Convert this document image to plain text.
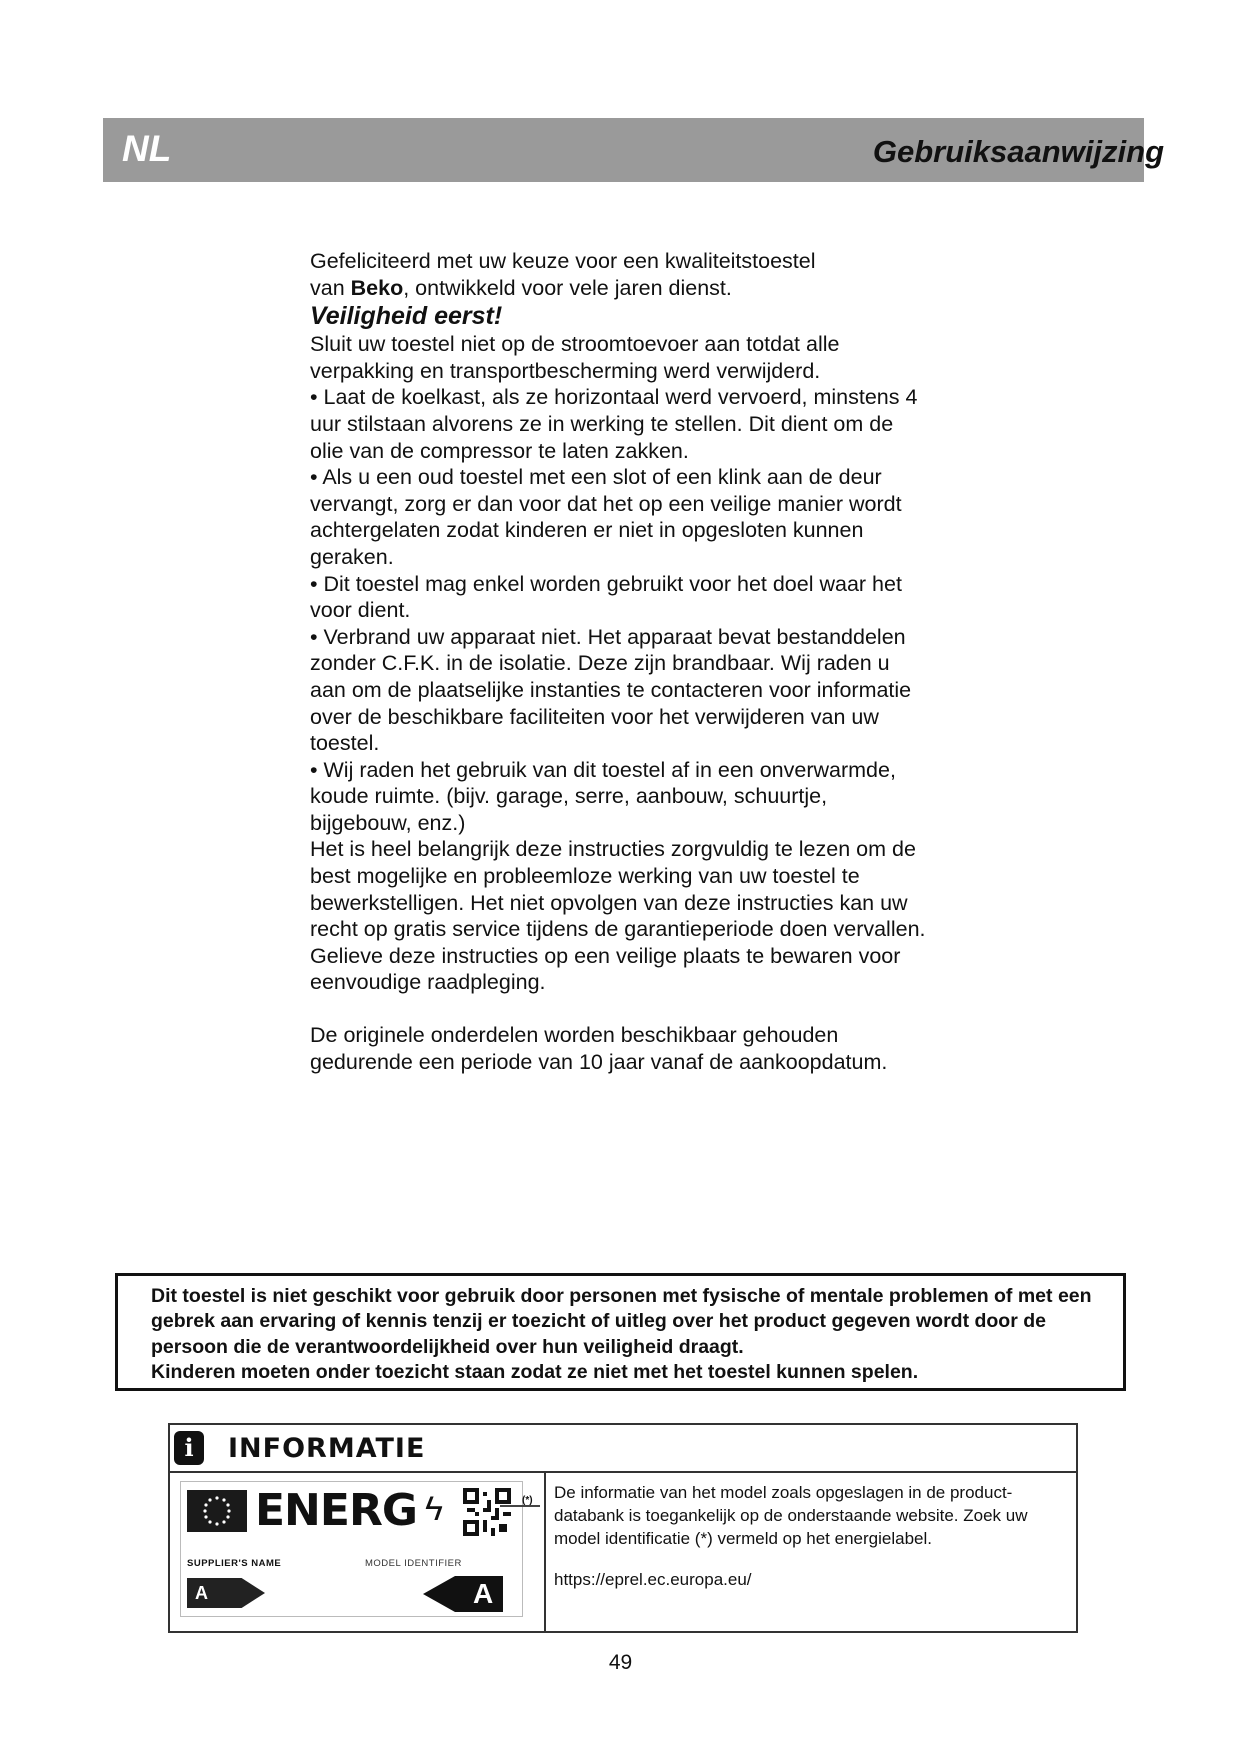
NL	Gebruiksaanwijzing

Gefeliciteerd met uw keuze voor een kwaliteitstoestel
van Beko, ontwikkeld voor vele jaren dienst.

Veiligheid eerst!

Sluit uw toestel niet op de stroomtoevoer aan totdat alle verpakking en transportbescherming werd verwijderd.

• Laat de koelkast, als ze horizontaal werd vervoerd, minstens 4 uur stilstaan alvorens ze in werking te stellen. Dit dient om de olie van de compressor te laten zakken.

• Als u een oud toestel met een slot of een klink aan de deur vervangt, zorg er dan voor dat het op een veilige manier wordt achtergelaten zodat kinderen er niet in opgesloten kunnen geraken.

• Dit toestel mag enkel worden gebruikt voor het doel waar het voor dient.

• Verbrand uw apparaat niet. Het apparaat bevat bestanddelen zonder C.F.K. in de isolatie. Deze zijn brandbaar. Wij raden u aan om de plaatselijke instanties te contacteren voor informatie over de beschikbare faciliteiten voor het verwijderen van uw toestel.

• Wij raden het gebruik van dit toestel af in een onverwarmde, koude ruimte. (bijv. garage, serre, aanbouw, schuurtje, bijgebouw, enz.)

Het is heel belangrijk deze instructies zorgvuldig te lezen om de best mogelijke en probleemloze werking van uw toestel te bewerkstelligen. Het niet opvolgen van deze instructies kan uw recht op gratis service tijdens de garantieperiode doen vervallen.

Gelieve deze instructies op een veilige plaats te bewaren voor eenvoudige raadpleging.

De originele onderdelen worden beschikbaar gehouden gedurende een periode van 10 jaar vanaf de aankoopdatum.

Dit toestel is niet geschikt voor gebruik door personen met fysische of mentale problemen of met een gebrek aan ervaring of kennis tenzij er toezicht of uitleg over het product gegeven wordt door de persoon die de verantwoordelijkheid over hun veiligheid draagt.

Kinderen moeten onder toezicht staan zodat ze niet met het toestel kunnen spelen.

i	INFORMATIE
ENERG ϟ
SUPPLIER'S NAME	MODEL IDENTIFIER
A	A
(*) De informatie van het model zoals opgeslagen in de product-databank is toegankelijk op de onderstaande website. Zoek uw model identificatie (*) vermeld op het energielabel.

https://eprel.ec.europa.eu/

49
